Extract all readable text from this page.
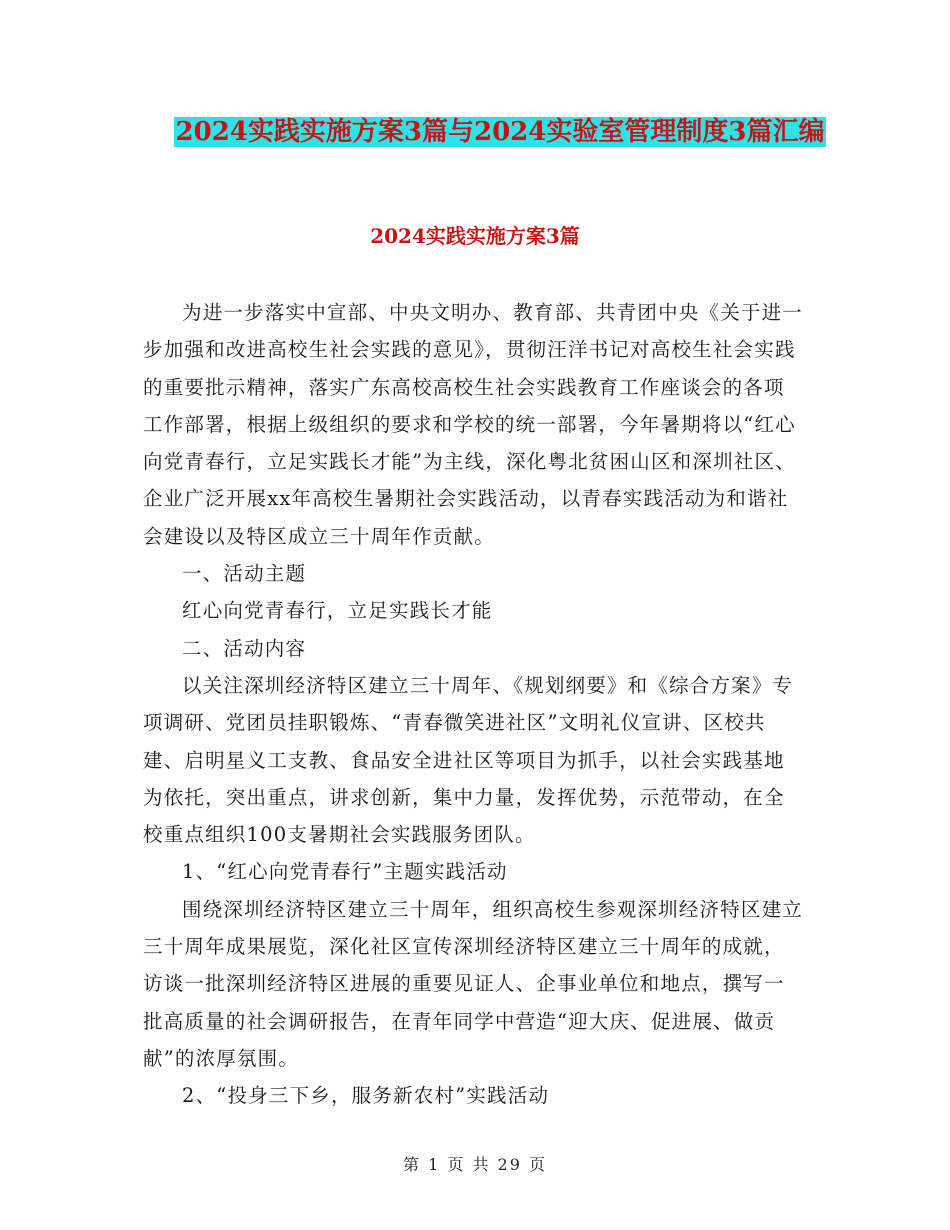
2024实践实施方案3篇与2024实验室管理制度3篇汇编
2024实践实施方案3篇

为进一步落实中宣部、中央文明办、教育部、共青团中央《关于进一步加强和改进高校生社会实践的意见》，贯彻汪洋书记对高校生社会实践的重要批示精神，落实广东高校高校生社会实践教育工作座谈会的各项工作部署，根据上级组织的要求和学校的统一部署，今年暑期将以“红心向党青春行，立足实践长才能”为主线，深化粤北贫困山区和深圳社区、企业广泛开展xx年高校生暑期社会实践活动，以青春实践活动为和谐社会建设以及特区成立三十周年作贡献。

一、活动主题

红心向党青春行，立足实践长才能

二、活动内容

以关注深圳经济特区建立三十周年、《规划纲要》和《综合方案》专项调研、党团员挂职锻炼、“青春微笑进社区”文明礼仪宣讲、区校共建、启明星义工支教、食品安全进社区等项目为抓手，以社会实践基地为依托，突出重点，讲求创新，集中力量，发挥优势，示范带动，在全校重点组织100支暑期社会实践服务团队。

1、“红心向党青春行”主题实践活动

围绕深圳经济特区建立三十周年，组织高校生参观深圳经济特区建立三十周年成果展览，深化社区宣传深圳经济特区建立三十周年的成就，访谈一批深圳经济特区进展的重要见证人、企事业单位和地点，撰写一批高质量的社会调研报告，在青年同学中营造“迎大庆、促进展、做贡献”的浓厚氛围。

2、“投身三下乡，服务新农村”实践活动

第 1 页 共 29 页
